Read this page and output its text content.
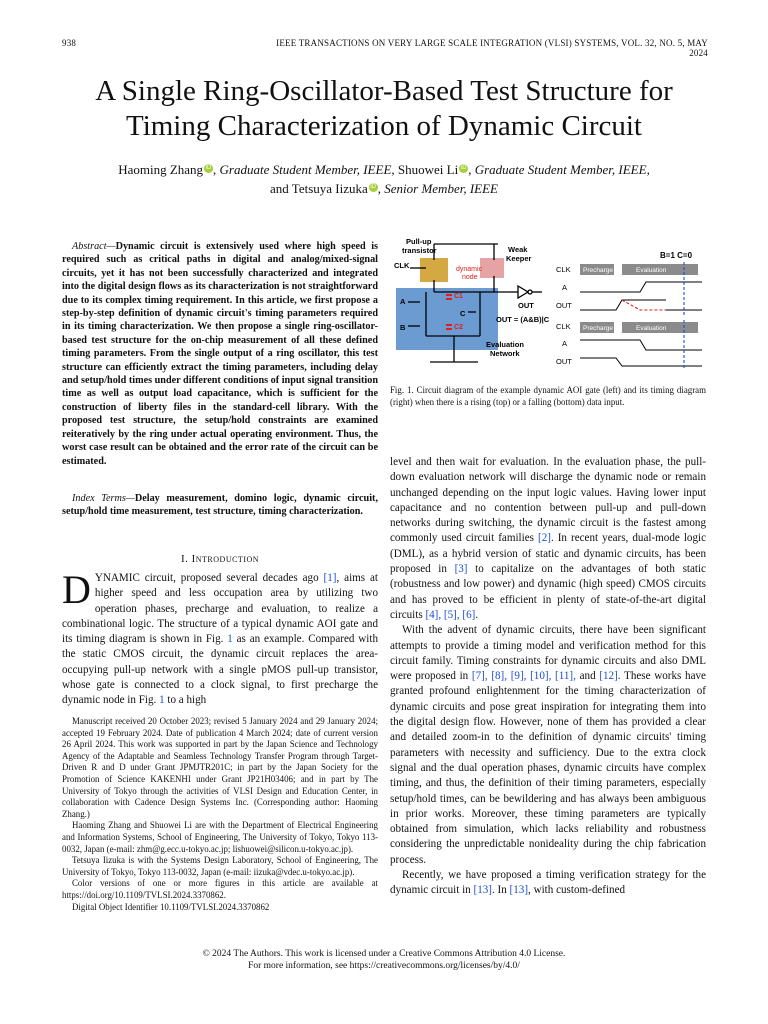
938	IEEE TRANSACTIONS ON VERY LARGE SCALE INTEGRATION (VLSI) SYSTEMS, VOL. 32, NO. 5, MAY 2024
A Single Ring-Oscillator-Based Test Structure for
Timing Characterization of Dynamic Circuit
Haoming Zhang iD , Graduate Student Member, IEEE, Shuowei Li iD , Graduate Student Member, IEEE,
and Tetsuya Iizuka iD , Senior Member, IEEE
Abstract—Dynamic circuit is extensively used where high speed is required such as critical paths in digital and analog/mixed-signal circuits, yet it has not been successfully characterized and integrated into the digital design flows as its characterization is not straightforward due to its complex timing requirement. In this article, we first propose a step-by-step definition of dynamic circuit's timing parameters required in its timing characterization. We then propose a single ring-oscillator-based test structure for the on-chip measurement of all these defined timing parameters. From the single output of a ring oscillator, this test structure can efficiently extract the timing parameters, including delay and setup/hold times under different conditions of input signal transition time as well as output load capacitance, which is sufficient for the construction of liberty files in the standard-cell library. With the proposed test structure, the setup/hold constraints are examined reiteratively by the ring under actual operating environment. Thus, the worst case result can be obtained and the error rate of the circuit can be estimated.
Index Terms—Delay measurement, domino logic, dynamic circuit, setup/hold time measurement, test structure, timing characterization.
I. Introduction
DYNAMIC circuit, proposed several decades ago [1], aims at higher speed and less occupation area by utilizing two operation phases, precharge and evaluation, to realize a combinational logic. The structure of a typical dynamic AOI gate and its timing diagram is shown in Fig. 1 as an example. Compared with the static CMOS circuit, the dynamic circuit replaces the area-occupying pull-up network with a single pMOS pull-up transistor, whose gate is connected to a clock signal, to first precharge the dynamic node in Fig. 1 to a high

Manuscript received 20 October 2023; revised 5 January 2024 and 29 January 2024; accepted 19 February 2024. Date of publication 4 March 2024; date of current version 26 April 2024. This work was supported in part by the Japan Science and Technology Agency of the Adaptable and Seamless Technology Transfer Program through Target-Driven R and D under Grant JPMJTR201C; in part by the Japan Society for the Promotion of Science KAKENHI under Grant JP21H03406; and in part by The University of Tokyo through the activities of VLSI Design and Education Center, in collaboration with Cadence Design Systems Inc. (Corresponding author: Haoming Zhang.)

Haoming Zhang and Shuowei Li are with the Department of Electrical Engineering and Information Systems, School of Engineering, The University of Tokyo, Tokyo 113-0032, Japan (e-mail: zhm@g.ecc.u-tokyo.ac.jp; lishuowei@silicon.u-tokyo.ac.jp).

Tetsuya Iizuka is with the Systems Design Laboratory, School of Engineering, The University of Tokyo, Tokyo 113-0032, Japan (e-mail: iizuka@vdec.u-tokyo.ac.jp).

Color versions of one or more figures in this article are available at https://doi.org/10.1109/TVLSI.2024.3370862.

Digital Object Identifier 10.1109/TVLSI.2024.3370862

Pull-up
transistor	Weak
Keeper
CLK	dynamic
node
C1
C2
A
B
C
OUT
OUT = (A&B)|C
Evaluation
Network
B=1 C=0
CLK
A
OUT
CLK
A
OUT
Precharge	Evaluation
Precharge	Evaluation
Fig. 1. Circuit diagram of the example dynamic AOI gate (left) and its timing diagram (right) when there is a rising (top) or a falling (bottom) data input.

level and then wait for evaluation. In the evaluation phase, the pull-down evaluation network will discharge the dynamic node or remain unchanged depending on the input logic values. Having lower input capacitance and no contention between pull-up and pull-down networks during switching, the dynamic circuit is the fastest among commonly used circuit families [2]. In recent years, dual-mode logic (DML), as a hybrid version of static and dynamic circuits, has been proposed in [3] to capitalize on the advantages of both static (robustness and low power) and dynamic (high speed) CMOS circuits and has proved to be efficient in plenty of state-of-the-art digital circuits [4], [5], [6].

With the advent of dynamic circuits, there have been significant attempts to provide a timing model and verification method for this circuit family. Timing constraints for dynamic circuits and also DML were proposed in [7], [8], [9], [10], [11], and [12]. These works have granted profound enlightenment for the timing characterization of dynamic circuits and pose great inspiration for integrating them into the digital design flow. However, none of them has provided a clear and detailed zoom-in to the definition of dynamic circuits' timing parameters with necessity and sufficiency. Due to the extra clock signal and the dual operation phases, dynamic circuits have complex timing, and thus, the definition of their timing parameters, especially setup/hold times, can be bewildering and has always been ambiguous in prior works. Moreover, these timing parameters are typically obtained from simulation, which lacks reliability and robustness considering the unpredictable nonideality during the chip fabrication process.

Recently, we have proposed a timing verification strategy for the dynamic circuit in [13]. In [13], with custom-defined

© 2024 The Authors. This work is licensed under a Creative Commons Attribution 4.0 License.
For more information, see https://creativecommons.org/licenses/by/4.0/
